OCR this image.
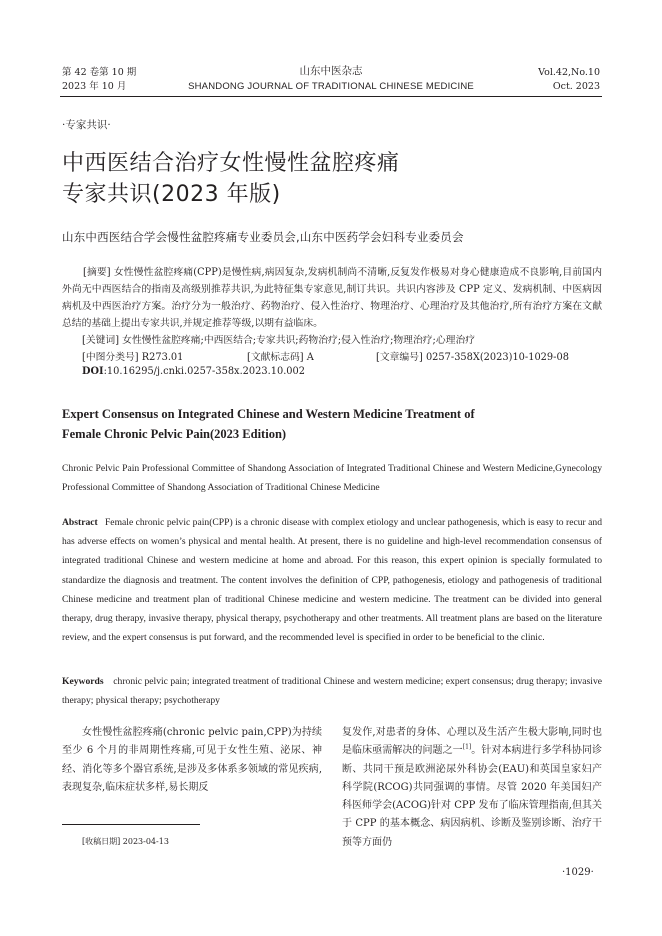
第 42 卷第 10 期
2023 年 10 月
山东中医杂志
SHANDONG JOURNAL OF TRADITIONAL CHINESE MEDICINE
Vol.42,No.10
Oct. 2023
·专家共识·
中西医结合治疗女性慢性盆腔疼痛
专家共识(2023 年版)
山东中西医结合学会慢性盆腔疼痛专业委员会,山东中医药学会妇科专业委员会
[摘要] 女性慢性盆腔疼痛(CPP)是慢性病,病因复杂,发病机制尚不清晰,反复发作极易对身心健康造成不良影响,目前国内外尚无中西医结合的指南及高级别推荐共识,为此特征集专家意见,制订共识。共识内容涉及 CPP 定义、发病机制、中医病因病机及中西医治疗方案。治疗分为一般治疗、药物治疗、侵入性治疗、物理治疗、心理治疗及其他治疗,所有治疗方案在文献总结的基础上提出专家共识,并规定推荐等级,以期有益临床。
[关键词] 女性慢性盆腔疼痛;中西医结合;专家共识;药物治疗;侵入性治疗;物理治疗;心理治疗
[中图分类号] R273.01	[文献标志码] A	[文章编号] 0257-358X(2023)10-1029-08
DOI:10.16295/j.cnki.0257-358x.2023.10.002
Expert Consensus on Integrated Chinese and Western Medicine Treatment of
Female Chronic Pelvic Pain(2023 Edition)
Chronic Pelvic Pain Professional Committee of Shandong Association of Integrated Traditional Chinese and Western Medicine,Gynecology Professional Committee of Shandong Association of Traditional Chinese Medicine
Abstract Female chronic pelvic pain(CPP) is a chronic disease with complex etiology and unclear pathogenesis, which is easy to recur and has adverse effects on women’s physical and mental health. At present, there is no guideline and high-level recommendation consensus of integrated traditional Chinese and western medicine at home and abroad. For this reason, this expert opinion is specially formulated to standardize the diagnosis and treatment. The content involves the definition of CPP, pathogenesis, etiology and pathogenesis of traditional Chinese medicine and treatment plan of traditional Chinese medicine and western medicine. The treatment can be divided into general therapy, drug therapy, invasive therapy, physical therapy, psychotherapy and other treatments. All treatment plans are based on the literature review, and the expert consensus is put forward, and the recommended level is specified in order to be beneficial to the clinic.
Keywords chronic pelvic pain; integrated treatment of traditional Chinese and western medicine; expert consensus; drug therapy; invasive therapy; physical therapy; psychotherapy
女性慢性盆腔疼痛(chronic pelvic pain,CPP)为持续至少 6 个月的非周期性疼痛,可见于女性生殖、泌尿、神经、消化等多个器官系统,是涉及多体系多领域的常见疾病,表现复杂,临床症状多样,易长期反
复发作,对患者的身体、心理以及生活产生极大影响,同时也是临床亟需解决的问题之一[1]。针对本病进行多学科协同诊断、共同干预是欧洲泌尿外科协会(EAU)和英国皇家妇产科学院(RCOG)共同强调的事情。尽管 2020 年美国妇产科医师学会(ACOG)针对 CPP 发布了临床管理指南,但其关于 CPP 的基本概念、病因病机、诊断及鉴别诊断、治疗干预等方面仍
[收稿日期] 2023-04-13
·1029·
